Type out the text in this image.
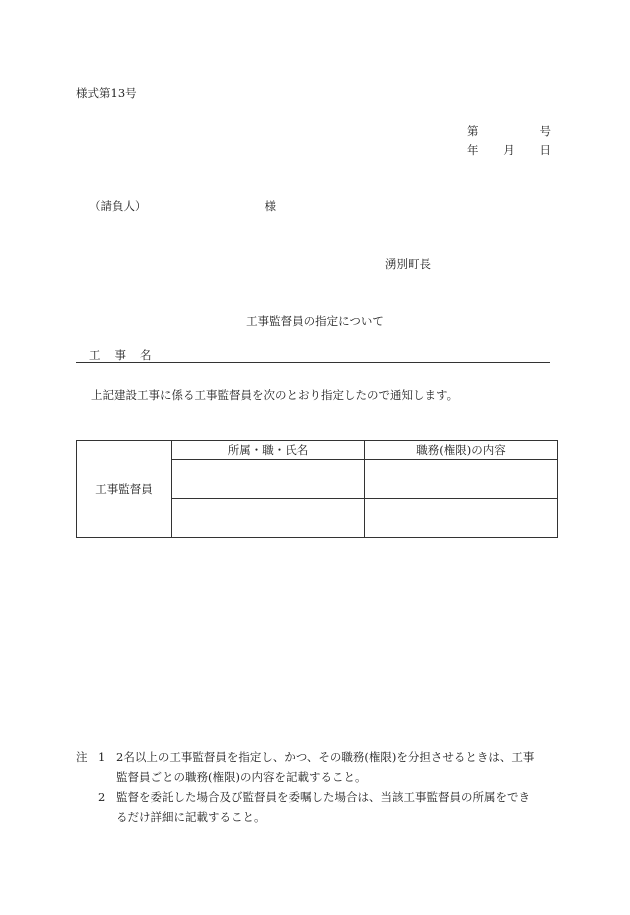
様式第13号
第	号
年 月 日
（請負人）	様
湧別町長
工事監督員の指定について
工事名
上記建設工事に係る工事監督員を次のとおり指定したので通知します。
工事監督員	所属・職・氏名	職務(権限)の内容

注 1 2名以上の工事監督員を指定し、かつ、その職務(権限)を分担させるときは、工事
監督員ごとの職務(権限)の内容を記載すること。
2 監督を委託した場合及び監督員を委嘱した場合は、当該工事監督員の所属をでき
るだけ詳細に記載すること。
